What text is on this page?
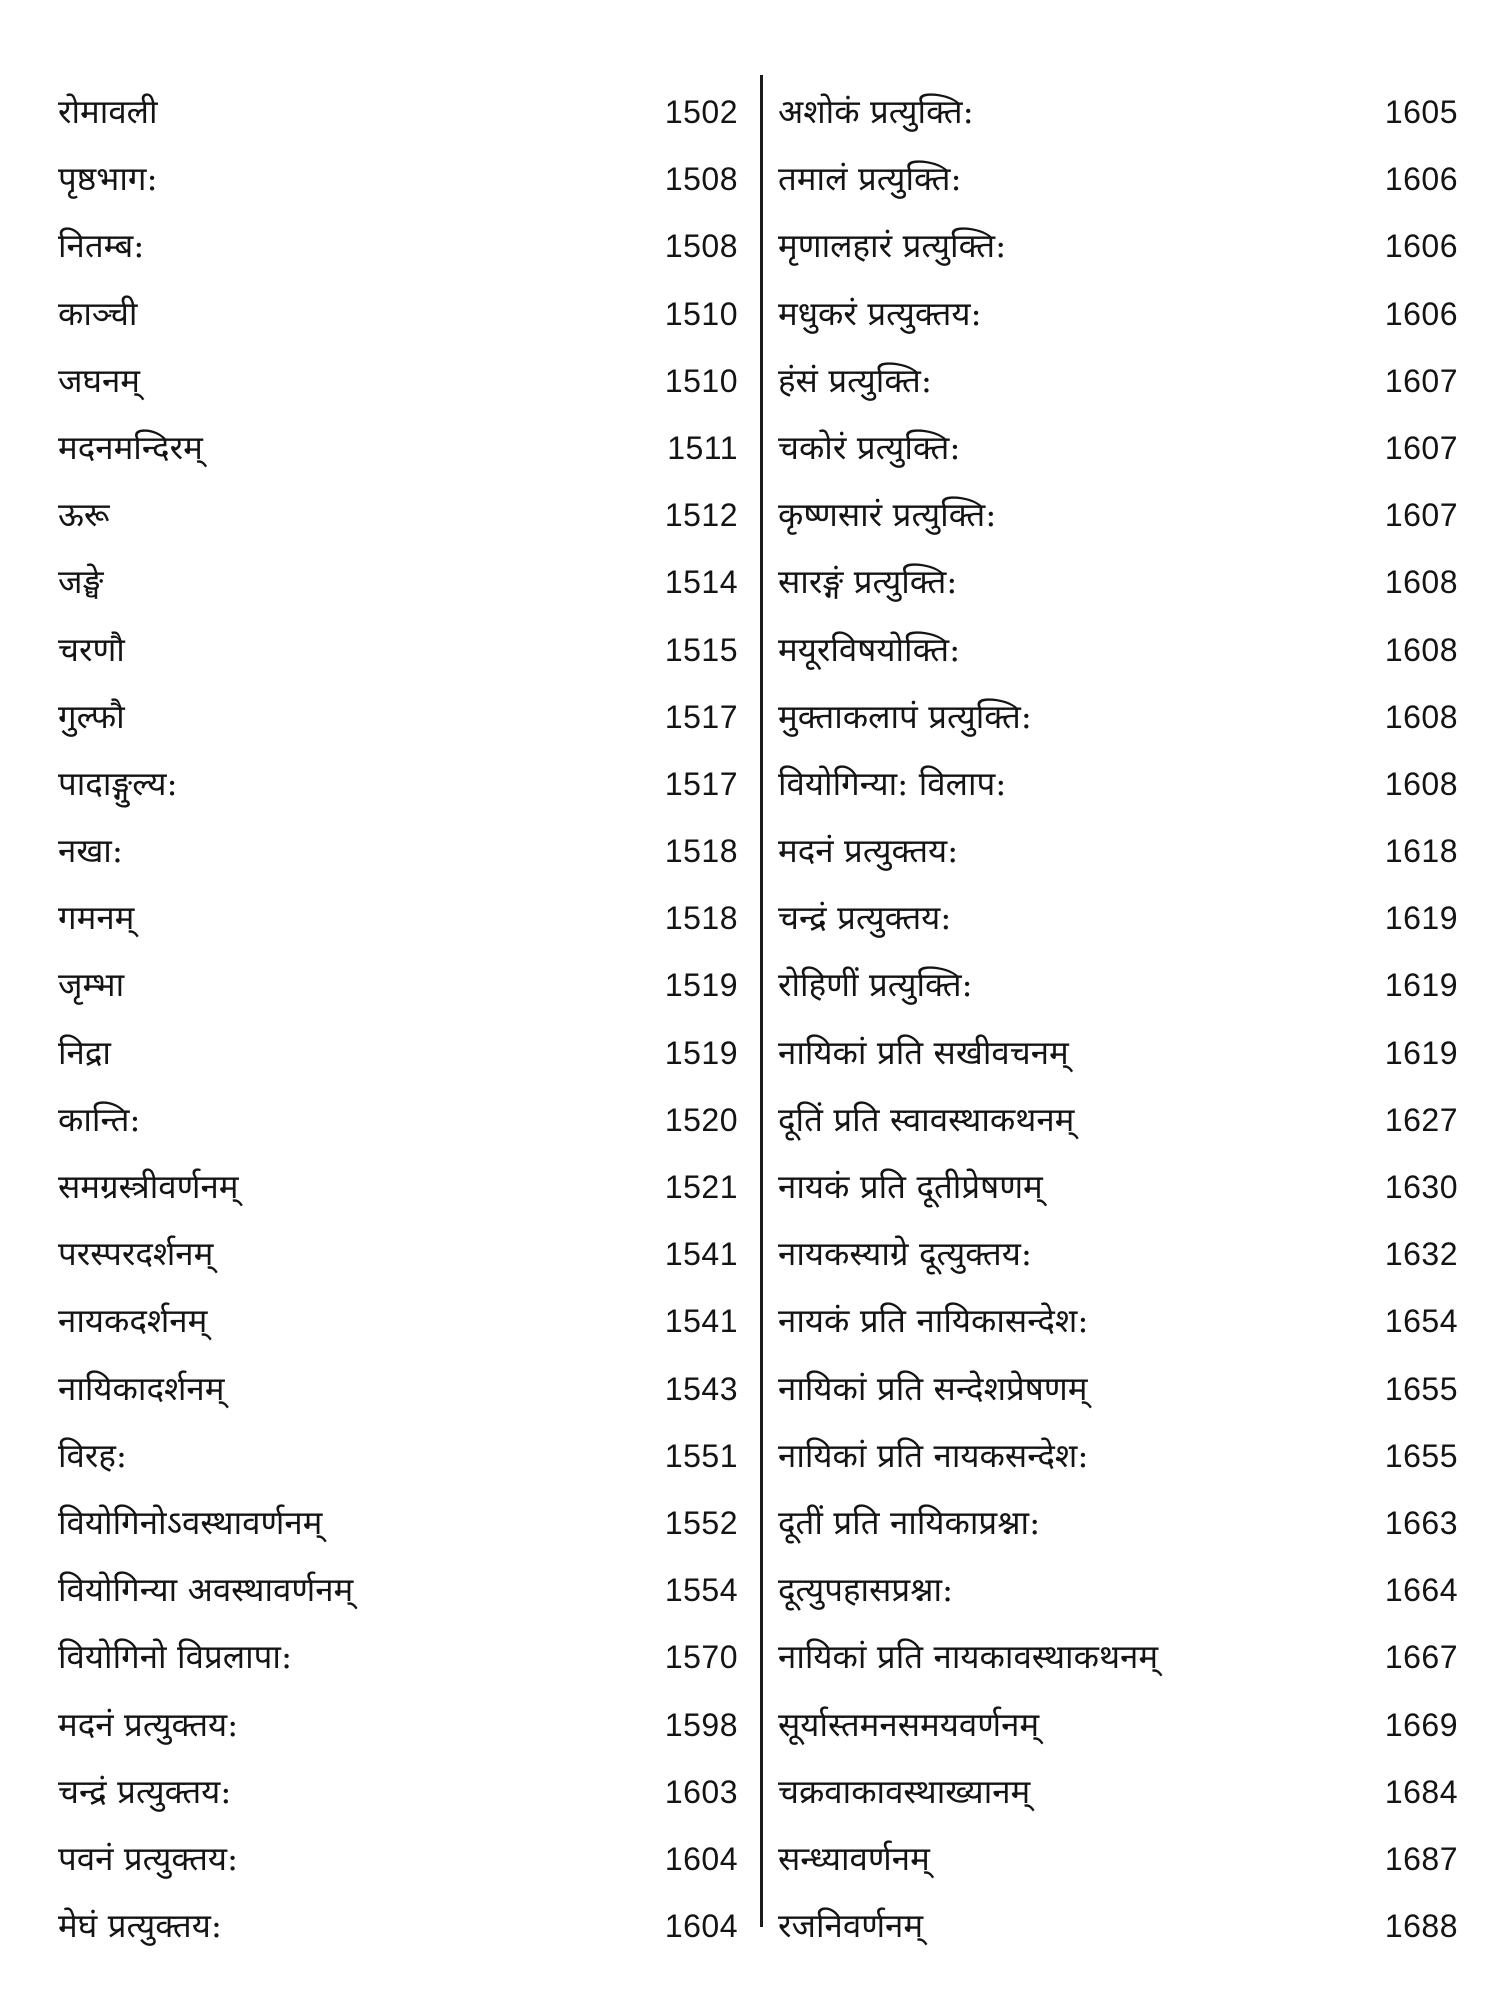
रोमावली	1502
पृष्ठभाग:	1508
नितम्ब:	1508
काञ्ची	1510
जघनम्	1510
मदनमन्दिरम्	1511
ऊरू	1512
जङ्घे	1514
चरणौ	1515
गुल्फौ	1517
पादाङ्गुल्य:	1517
नखा:	1518
गमनम्	1518
जृम्भा	1519
निद्रा	1519
कान्ति:	1520
समग्रस्त्रीवर्णनम्	1521
परस्परदर्शनम्	1541
नायकदर्शनम्	1541
नायिकादर्शनम्	1543
विरह:	1551
वियोगिनोऽवस्थावर्णनम्	1552
वियोगिन्या अवस्थावर्णनम्	1554
वियोगिनो विप्रलापा:	1570
मदनं प्रत्युक्तय:	1598
चन्द्रं प्रत्युक्तय:	1603
पवनं प्रत्युक्तय:	1604
मेघं प्रत्युक्तय:	1604
अशोकं प्रत्युक्ति:	1605
तमालं प्रत्युक्ति:	1606
मृणालहारं प्रत्युक्ति:	1606
मधुकरं प्रत्युक्तय:	1606
हंसं प्रत्युक्ति:	1607
चकोरं प्रत्युक्ति:	1607
कृष्णसारं प्रत्युक्ति:	1607
सारङ्गं प्रत्युक्ति:	1608
मयूरविषयोक्ति:	1608
मुक्ताकलापं प्रत्युक्ति:	1608
वियोगिन्या: विलाप:	1608
मदनं प्रत्युक्तय:	1618
चन्द्रं प्रत्युक्तय:	1619
रोहिणीं प्रत्युक्ति:	1619
नायिकां प्रति सखीवचनम्	1619
दूतिं प्रति स्वावस्थाकथनम्	1627
नायकं प्रति दूतीप्रेषणम्	1630
नायकस्याग्रे दूत्युक्तय:	1632
नायकं प्रति नायिकासन्देश:	1654
नायिकां प्रति सन्देशप्रेषणम्	1655
नायिकां प्रति नायकसन्देश:	1655
दूतीं प्रति नायिकाप्रश्ना:	1663
दूत्युपहासप्रश्ना:	1664
नायिकां प्रति नायकावस्थाकथनम्	1667
सूर्यास्तमनसमयवर्णनम्	1669
चक्रवाकावस्थाख्यानम्	1684
सन्ध्यावर्णनम्	1687
रजनिवर्णनम्	1688
